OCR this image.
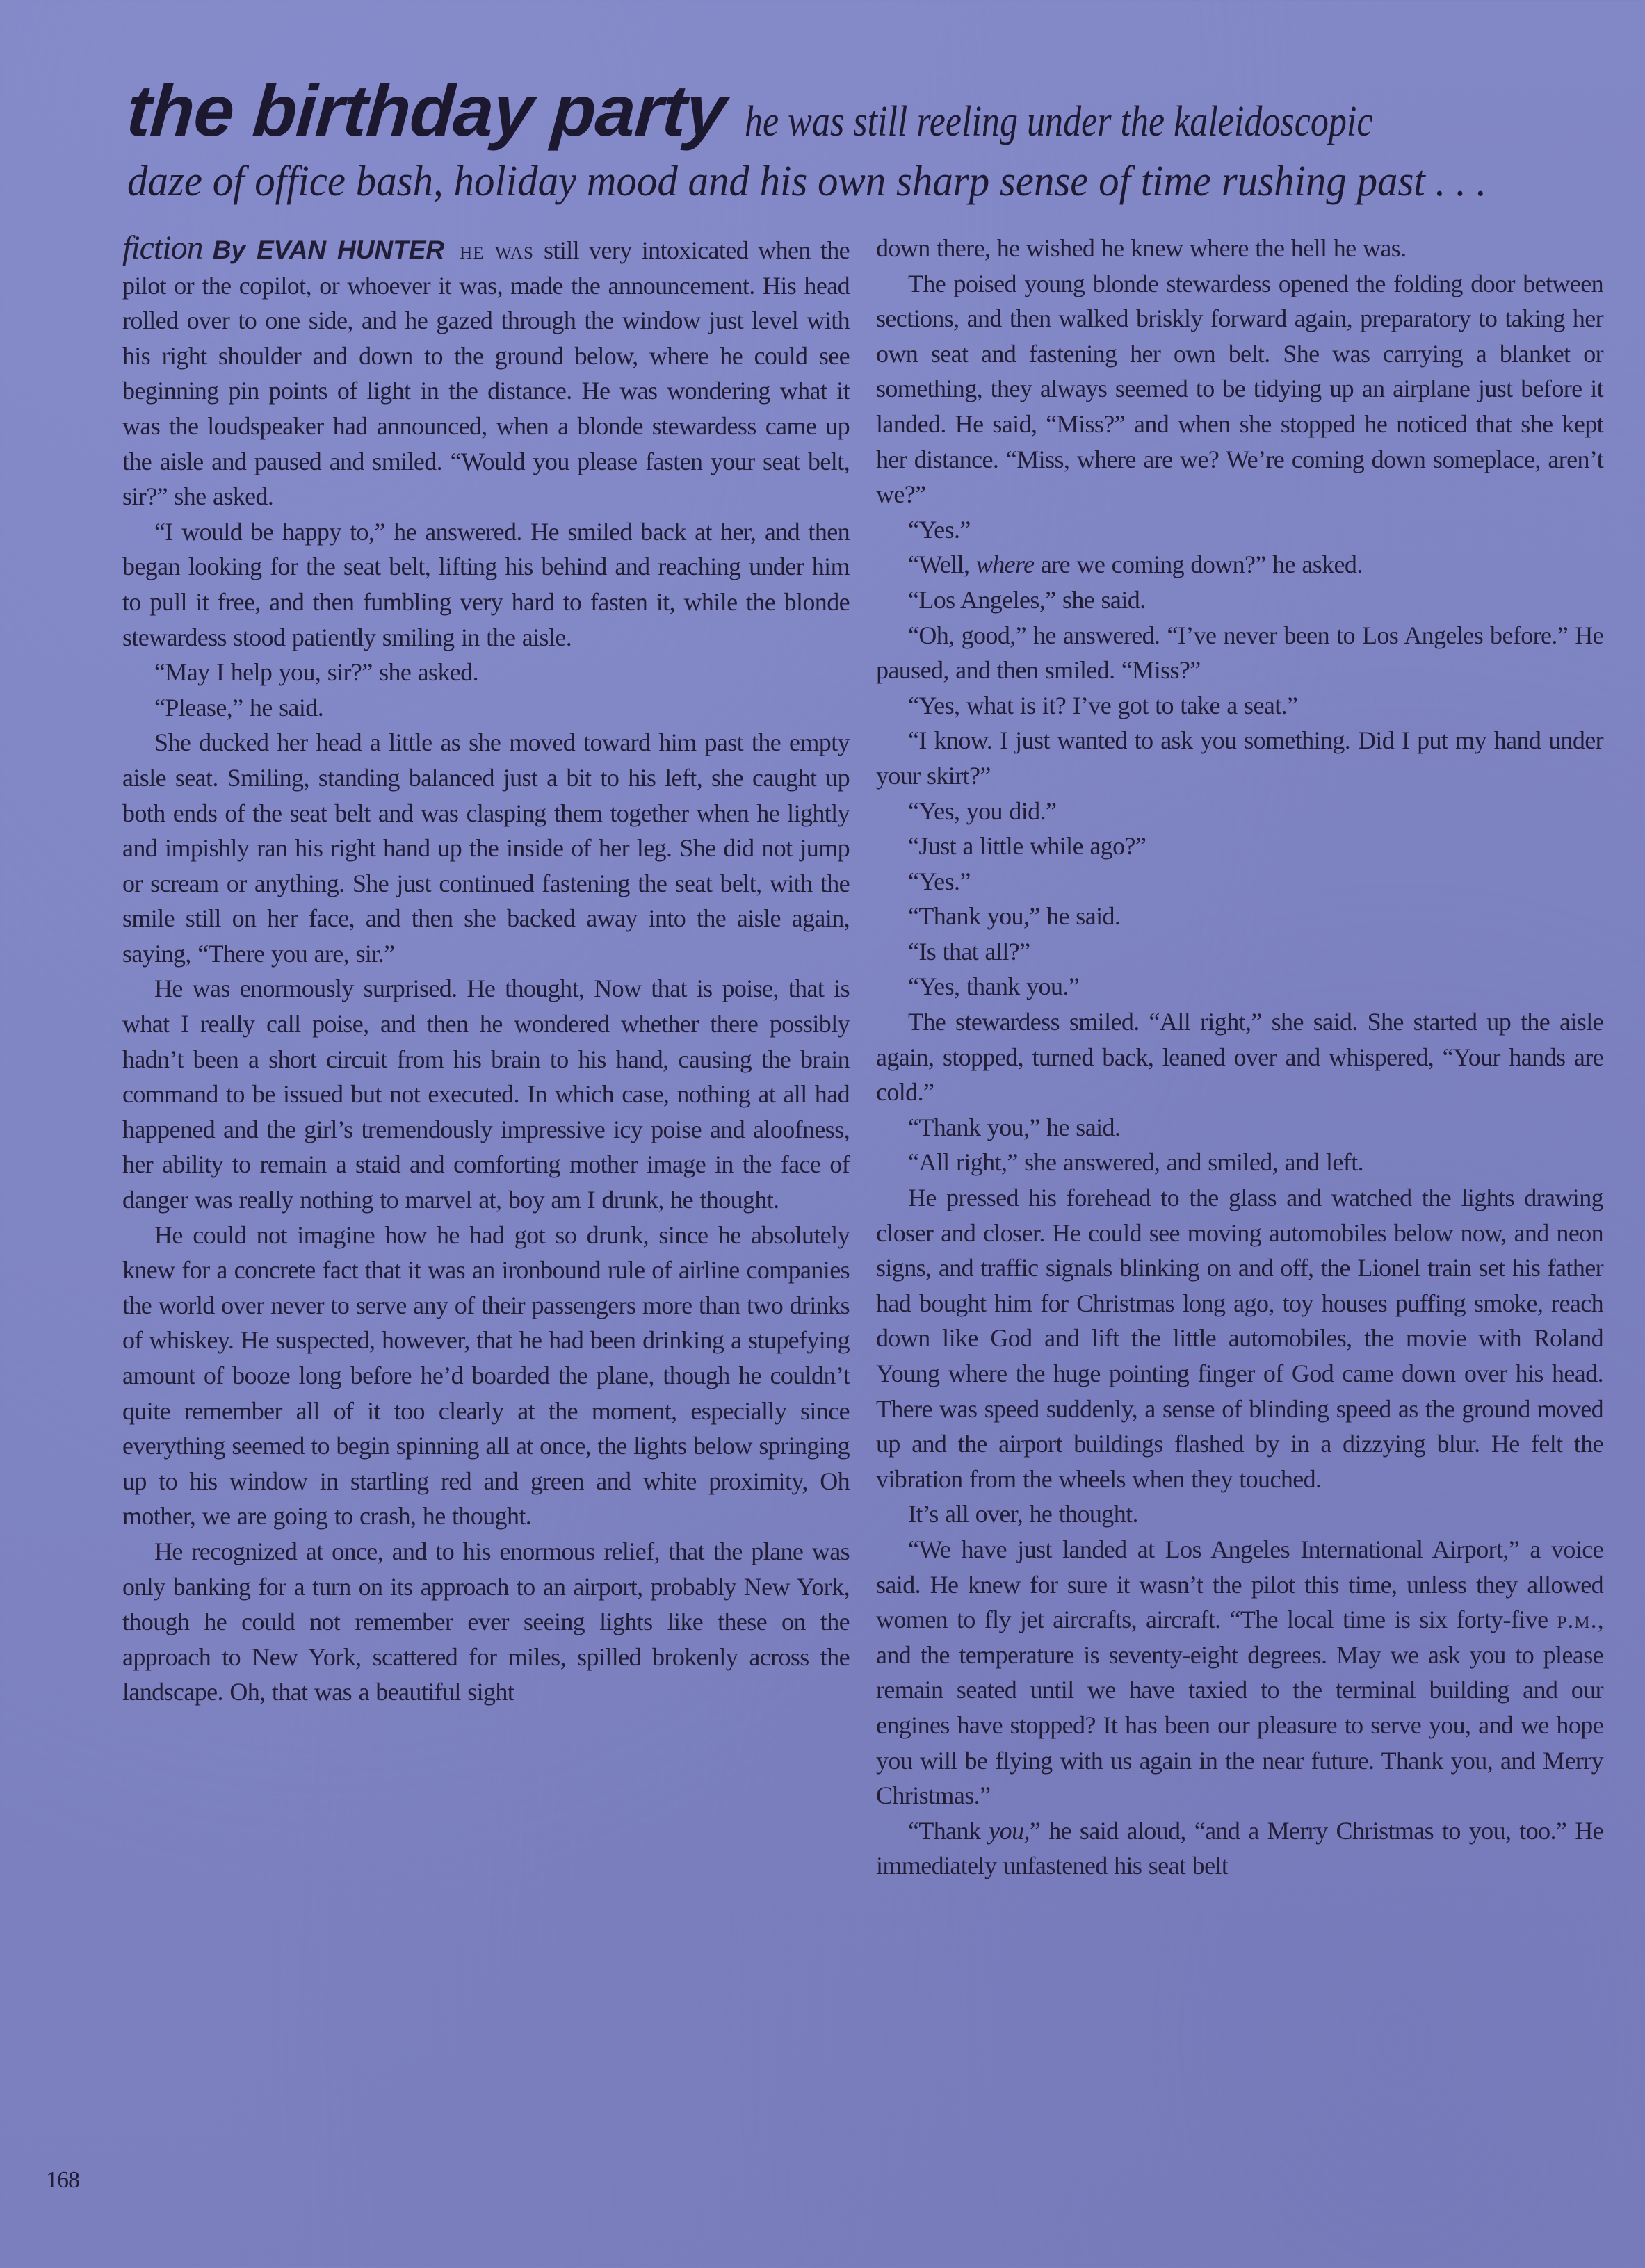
the birthday party he was still reeling under the kaleidoscopic
daze of office bash, holiday mood and his own sharp sense of time rushing past . . .

fiction By EVAN HUNTER he was still very intoxicated when the pilot or the copilot, or whoever it was, made the announcement. His head rolled over to one side, and he gazed through the window just level with his right shoulder and down to the ground below, where he could see beginning pin points of light in the distance. He was wondering what it was the loudspeaker had announced, when a blonde stewardess came up the aisle and paused and smiled. “Would you please fasten your seat belt, sir?” she asked.

“I would be happy to,” he answered. He smiled back at her, and then began looking for the seat belt, lifting his behind and reaching under him to pull it free, and then fumbling very hard to fasten it, while the blonde stewardess stood patiently smiling in the aisle.

“May I help you, sir?” she asked.

“Please,” he said.

She ducked her head a little as she moved toward him past the empty aisle seat. Smiling, standing balanced just a bit to his left, she caught up both ends of the seat belt and was clasping them together when he lightly and impishly ran his right hand up the inside of her leg. She did not jump or scream or anything. She just continued fastening the seat belt, with the smile still on her face, and then she backed away into the aisle again, saying, “There you are, sir.”

He was enormously surprised. He thought, Now that is poise, that is what I really call poise, and then he wondered whether there possibly hadn’t been a short circuit from his brain to his hand, causing the brain command to be issued but not executed. In which case, nothing at all had happened and the girl’s tremendously impressive icy poise and aloofness, her ability to remain a staid and comforting mother image in the face of danger was really nothing to marvel at, boy am I drunk, he thought.

He could not imagine how he had got so drunk, since he absolutely knew for a concrete fact that it was an ironbound rule of airline companies the world over never to serve any of their passengers more than two drinks of whiskey. He suspected, however, that he had been drinking a stupefying amount of booze long before he’d boarded the plane, though he couldn’t quite remember all of it too clearly at the moment, especially since everything seemed to begin spinning all at once, the lights below springing up to his window in startling red and green and white proximity, Oh mother, we are going to crash, he thought.

He recognized at once, and to his enormous relief, that the plane was only banking for a turn on its approach to an airport, probably New York, though he could not remember ever seeing lights like these on the approach to New York, scattered for miles, spilled brokenly across the landscape. Oh, that was a beautiful sight

down there, he wished he knew where the hell he was.

The poised young blonde stewardess opened the folding door between sections, and then walked briskly forward again, preparatory to taking her own seat and fastening her own belt. She was carrying a blanket or something, they always seemed to be tidying up an airplane just before it landed. He said, “Miss?” and when she stopped he noticed that she kept her distance. “Miss, where are we? We’re coming down someplace, aren’t we?”

“Yes.”

“Well, where are we coming down?” he asked.

“Los Angeles,” she said.

“Oh, good,” he answered. “I’ve never been to Los Angeles before.” He paused, and then smiled. “Miss?”

“Yes, what is it? I’ve got to take a seat.”

“I know. I just wanted to ask you something. Did I put my hand under your skirt?”

“Yes, you did.”

“Just a little while ago?”

“Yes.”

“Thank you,” he said.

“Is that all?”

“Yes, thank you.”

The stewardess smiled. “All right,” she said. She started up the aisle again, stopped, turned back, leaned over and whispered, “Your hands are cold.”

“Thank you,” he said.

“All right,” she answered, and smiled, and left.

He pressed his forehead to the glass and watched the lights drawing closer and closer. He could see moving automobiles below now, and neon signs, and traffic signals blinking on and off, the Lionel train set his father had bought him for Christmas long ago, toy houses puffing smoke, reach down like God and lift the little automobiles, the movie with Roland Young where the huge pointing finger of God came down over his head. There was speed suddenly, a sense of blinding speed as the ground moved up and the airport buildings flashed by in a dizzying blur. He felt the vibration from the wheels when they touched.

It’s all over, he thought.

“We have just landed at Los Angeles International Airport,” a voice said. He knew for sure it wasn’t the pilot this time, unless they allowed women to fly jet aircrafts, aircraft. “The local time is six forty-five p.m., and the temperature is seventy-eight degrees. May we ask you to please remain seated until we have taxied to the terminal building and our engines have stopped? It has been our pleasure to serve you, and we hope you will be flying with us again in the near future. Thank you, and Merry Christmas.”

“Thank you,” he said aloud, “and a Merry Christmas to you, too.” He immediately unfastened his seat belt

168
